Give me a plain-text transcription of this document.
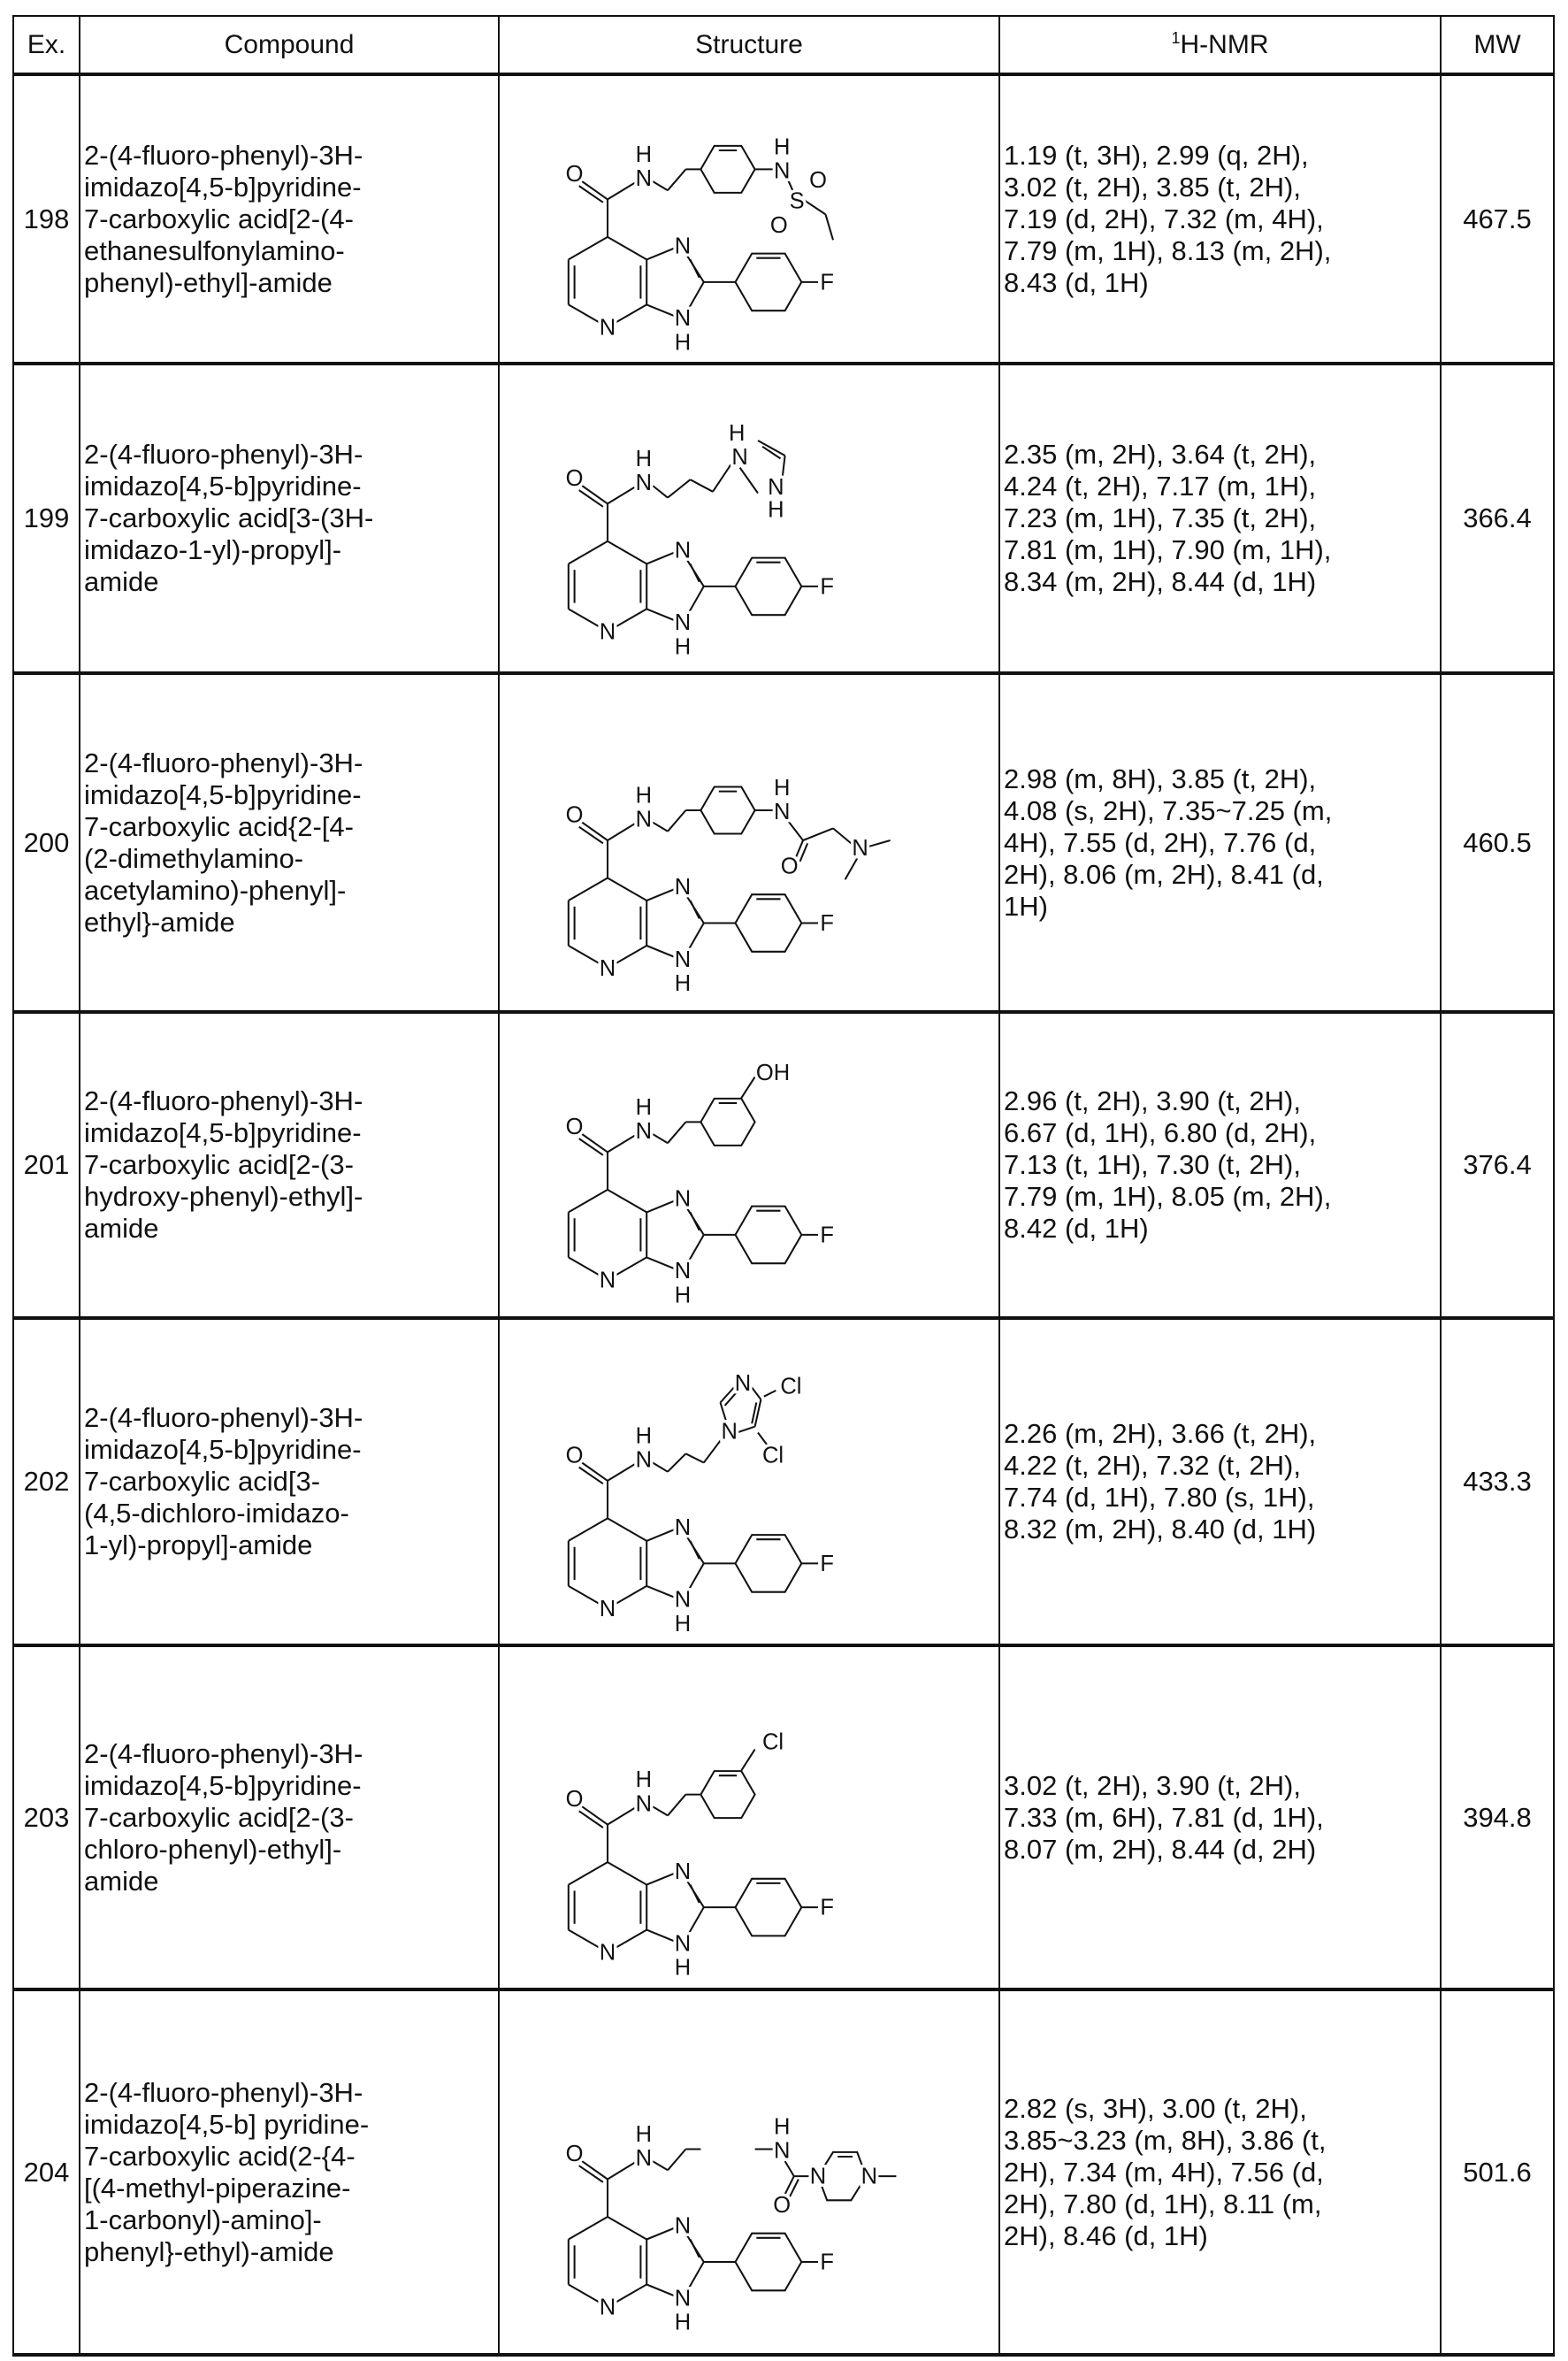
Ex.	Compound	Structure	1H-NMR	MW
198	
2-(4-fluoro-phenyl)-3H-
imidazo[4,5-b]pyridine-
7-carboxylic acid[2-(4-
ethanesulfonylamino-
phenyl)-ethyl]-amide

N
N
H
N
F
O	N
H
N
H
S
O
O

1.19 (t, 3H), 2.99 (q, 2H),
3.02 (t, 2H), 3.85 (t, 2H),
7.19 (d, 2H), 7.32 (m, 4H),
7.79 (m, 1H), 8.13 (m, 2H),
8.43 (d, 1H)
	467.5
199	
2-(4-fluoro-phenyl)-3H-
imidazo[4,5-b]pyridine-
7-carboxylic acid[3-(3H-
imidazo-1-yl)-propyl]-
amide

N
N
H
N
F
O	N
H	N
H
N
H

2.35 (m, 2H), 3.64 (t, 2H),
4.24 (t, 2H), 7.17 (m, 1H),
7.23 (m, 1H), 7.35 (t, 2H),
7.81 (m, 1H), 7.90 (m, 1H),
8.34 (m, 2H), 8.44 (d, 1H)
	366.4
200	
2-(4-fluoro-phenyl)-3H-
imidazo[4,5-b]pyridine-
7-carboxylic acid{2-[4-
(2-dimethylamino-
acetylamino)-phenyl]-
ethyl}-amide

N
N
H
N
F
O	N
H
N
H
O
N

2.98 (m, 8H), 3.85 (t, 2H),
4.08 (s, 2H), 7.35~7.25 (m,
4H), 7.55 (d, 2H), 7.76 (d,
2H), 8.06 (m, 2H), 8.41 (d,
1H)
	460.5
201	
2-(4-fluoro-phenyl)-3H-
imidazo[4,5-b]pyridine-
7-carboxylic acid[2-(3-
hydroxy-phenyl)-ethyl]-
amide

N
N
H
N
F
O	N
H
OH

2.96 (t, 2H), 3.90 (t, 2H),
6.67 (d, 1H), 6.80 (d, 2H),
7.13 (t, 1H), 7.30 (t, 2H),
7.79 (m, 1H), 8.05 (m, 2H),
8.42 (d, 1H)
	376.4
202	
2-(4-fluoro-phenyl)-3H-
imidazo[4,5-b]pyridine-
7-carboxylic acid[3-
(4,5-dichloro-imidazo-
1-yl)-propyl]-amide

N
N
H
N
F
O	N
H	N
N Cl
Cl

2.26 (m, 2H), 3.66 (t, 2H),
4.22 (t, 2H), 7.32 (t, 2H),
7.74 (d, 1H), 7.80 (s, 1H),
8.32 (m, 2H), 8.40 (d, 1H)
	433.3
203	
2-(4-fluoro-phenyl)-3H-
imidazo[4,5-b]pyridine-
7-carboxylic acid[2-(3-
chloro-phenyl)-ethyl]-
amide	N
N
H
N
F
O	N
H
Cl

3.02 (t, 2H), 3.90 (t, 2H),
7.33 (m, 6H), 7.81 (d, 1H),
8.07 (m, 2H), 8.44 (d, 2H)
	394.8
204	
2-(4-fluoro-phenyl)-3H-
imidazo[4,5-b] pyridine-
7-carboxylic acid(2-{4-
[(4-methyl-piperazine-
1-carbonyl)-amino]-
phenyl}-ethyl)-amide

N
N
H
N
F
O	N
H
N
H
O
N	N

2.82 (s, 3H), 3.00 (t, 2H),
3.85~3.23 (m, 8H), 3.86 (t,
2H), 7.34 (m, 4H), 7.56 (d,
2H), 7.80 (d, 1H), 8.11 (m,
2H), 8.46 (d, 1H)
	501.6
